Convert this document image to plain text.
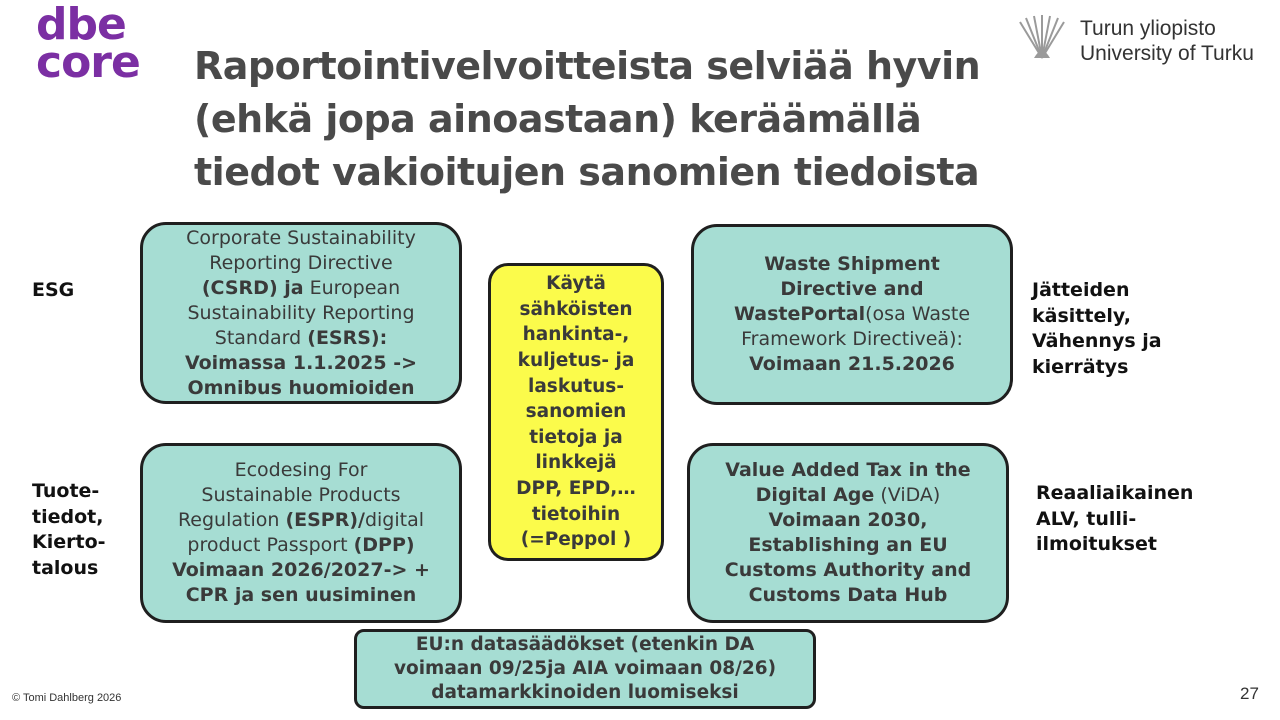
dbe
core
Turun yliopisto
University of Turku
Raportointivelvoitteista selviää hyvin
(ehkä jopa ainoastaan) keräämällä
tiedot vakioitujen sanomien tiedoista
ESG
Tuote-
tiedot,
Kierto-
talous
Jätteiden
käsittely,
Vähennys ja
kierrätys
Reaaliaikainen
ALV, tulli-
ilmoitukset
Corporate Sustainability
Reporting Directive
(CSRD) ja European
Sustainability Reporting
Standard (ESRS):
Voimassa 1.1.2025 ->
Omnibus huomioiden
Ecodesing For
Sustainable Products
Regulation (ESPR)/digital
product Passport (DPP)
Voimaan 2026/2027-> +
CPR ja sen uusiminen
Käytä
sähköisten
hankinta-,
kuljetus- ja
laskutus-
sanomien
tietoja ja
linkkejä
DPP, EPD,…
tietoihin
(=Peppol )
Waste Shipment
Directive and
WastePortal(osa Waste
Framework Directiveä):
Voimaan 21.5.2026
Value Added Tax in the
Digital Age (ViDA)
Voimaan 2030,
Establishing an EU
Customs Authority and
Customs Data Hub
EU:n datasäädökset (etenkin DA
voimaan 09/25ja AIA voimaan 08/26)
datamarkkinoiden luomiseksi
© Tomi Dahlberg 2026	27
